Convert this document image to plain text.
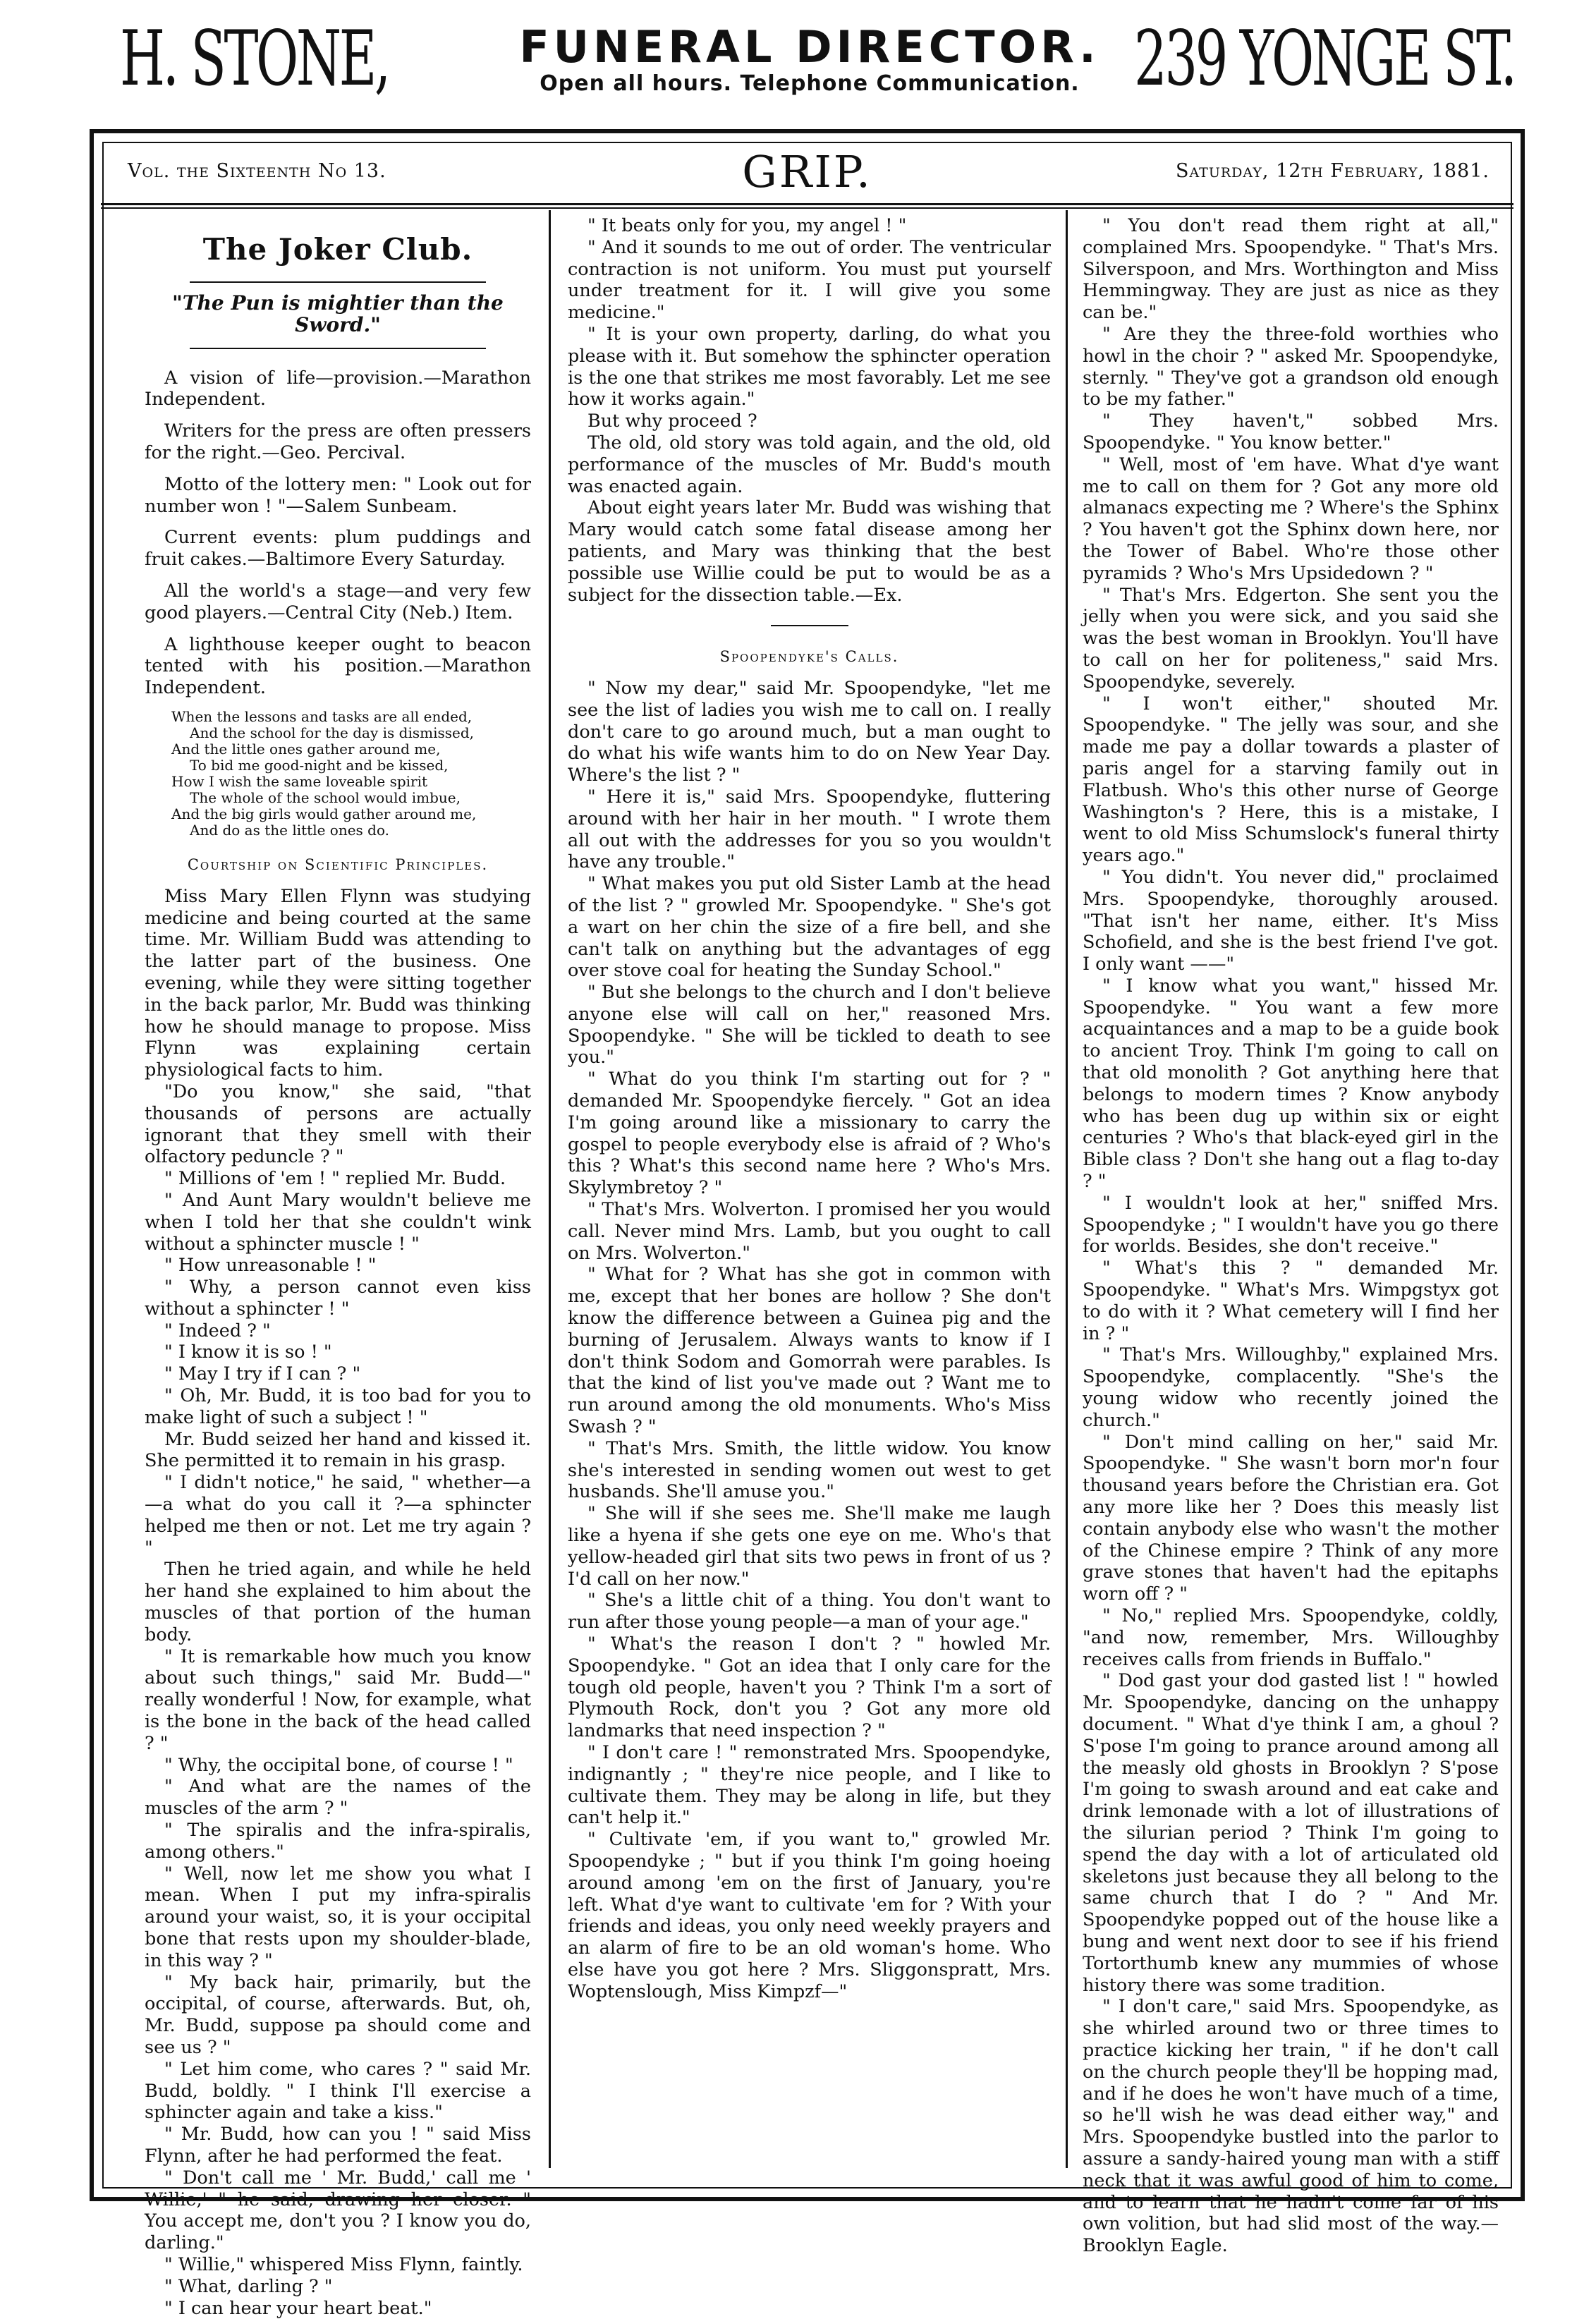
H. STONE,	FUNERAL DIRECTOR.
Open all hours. Telephone Communication. 239 YONGE ST.
Vol. the Sixteenth No 13.	GRIP.	Saturday, 12th February, 1881.
The Joker Club.
"The Pun is mightier than the Sword."

A vision of life—provision.—Marathon Independent.

Writers for the press are often pressers for the right.—Geo. Percival.

Motto of the lottery men: " Look out for number won ! "—Salem Sunbeam.

Current events: plum puddings and fruit cakes.—Baltimore Every Saturday.

All the world's a stage—and very few good players.—Central City (Neb.) Item.

A lighthouse keeper ought to beacon tented with his position.—Marathon Independent.

When the lessons and tasks are all ended,
And the school for the day is dismissed,
And the little ones gather around me,
To bid me good-night and be kissed,
How I wish the same loveable spirit
The whole of the school would imbue,
And the big girls would gather around me,
And do as the little ones do.
Courtship on Scientific Principles.

Miss Mary Ellen Flynn was studying medicine and being courted at the same time. Mr. William Budd was attending to the latter part of the business. One evening, while they were sitting together in the back parlor, Mr. Budd was thinking how he should manage to propose. Miss Flynn was explaining certain physiological facts to him.

"Do you know," she said, "that thousands of persons are actually ignorant that they smell with their olfactory peduncle ? "

" Millions of 'em ! " replied Mr. Budd.

" And Aunt Mary wouldn't believe me when I told her that she couldn't wink without a sphincter muscle ! "

" How unreasonable ! "

" Why, a person cannot even kiss without a sphincter ! "

" Indeed ? "

" I know it is so ! "

" May I try if I can ? "

" Oh, Mr. Budd, it is too bad for you to make light of such a subject ! "

Mr. Budd seized her hand and kissed it. She permitted it to remain in his grasp.

" I didn't notice," he said, " whether—a—a what do you call it ?—a sphincter helped me then or not. Let me try again ? "

Then he tried again, and while he held her hand she explained to him about the muscles of that portion of the human body.

" It is remarkable how much you know about such things," said Mr. Budd—" really wonderful ! Now, for example, what is the bone in the back of the head called ? "

" Why, the occipital bone, of course ! "

" And what are the names of the muscles of the arm ? "

" The spiralis and the infra-spiralis, among others."

" Well, now let me show you what I mean. When I put my infra-spiralis around your waist, so, it is your occipital bone that rests upon my shoulder-blade, in this way ? "

" My back hair, primarily, but the occipital, of course, afterwards. But, oh, Mr. Budd, suppose pa should come and see us ? "

" Let him come, who cares ? " said Mr. Budd, boldly. " I think I'll exercise a sphincter again and take a kiss."

" Mr. Budd, how can you ! " said Miss Flynn, after he had performed the feat.

" Don't call me ' Mr. Budd,' call me ' Willie,' " he said, drawing her closer. " You accept me, don't you ? I know you do, darling."

" Willie," whispered Miss Flynn, faintly.

" What, darling ? "

" I can hear your heart beat."

" It beats only for you, my angel ! "

" And it sounds to me out of order. The ventricular contraction is not uniform. You must put yourself under treatment for it. I will give you some medicine."

" It is your own property, darling, do what you please with it. But somehow the sphincter operation is the one that strikes me most favorably. Let me see how it works again."

But why proceed ?

The old, old story was told again, and the old, old performance of the muscles of Mr. Budd's mouth was enacted again.

About eight years later Mr. Budd was wishing that Mary would catch some fatal disease among her patients, and Mary was thinking that the best possible use Willie could be put to would be as a subject for the dissection table.—Ex.

Spoopendyke's Calls.

" Now my dear," said Mr. Spoopendyke, "let me see the list of ladies you wish me to call on. I really don't care to go around much, but a man ought to do what his wife wants him to do on New Year Day. Where's the list ? "

" Here it is," said Mrs. Spoopendyke, fluttering around with her hair in her mouth. " I wrote them all out with the addresses for you so you wouldn't have any trouble."

" What makes you put old Sister Lamb at the head of the list ? " growled Mr. Spoopendyke. " She's got a wart on her chin the size of a fire bell, and she can't talk on anything but the advantages of egg over stove coal for heating the Sunday School."

" But she belongs to the church and I don't believe anyone else will call on her," reasoned Mrs. Spoopendyke. " She will be tickled to death to see you."

" What do you think I'm starting out for ? " demanded Mr. Spoopendyke fiercely. " Got an idea I'm going around like a missionary to carry the gospel to people everybody else is afraid of ? Who's this ? What's this second name here ? Who's Mrs. Skylymbretoy ? "

" That's Mrs. Wolverton. I promised her you would call. Never mind Mrs. Lamb, but you ought to call on Mrs. Wolverton."

" What for ? What has she got in common with me, except that her bones are hollow ? She don't know the difference between a Guinea pig and the burning of Jerusalem. Always wants to know if I don't think Sodom and Gomorrah were parables. Is that the kind of list you've made out ? Want me to run around among the old monuments. Who's Miss Swash ? "

" That's Mrs. Smith, the little widow. You know she's interested in sending women out west to get husbands. She'll amuse you."

" She will if she sees me. She'll make me laugh like a hyena if she gets one eye on me. Who's that yellow-headed girl that sits two pews in front of us ? I'd call on her now."

" She's a little chit of a thing. You don't want to run after those young people—a man of your age."

" What's the reason I don't ? " howled Mr. Spoopendyke. " Got an idea that I only care for the tough old people, haven't you ? Think I'm a sort of Plymouth Rock, don't you ? Got any more old landmarks that need inspection ? "

" I don't care ! " remonstrated Mrs. Spoopendyke, indignantly ; " they're nice people, and I like to cultivate them. They may be along in life, but they can't help it."

" Cultivate 'em, if you want to," growled Mr. Spoopendyke ; " but if you think I'm going hoeing around among 'em on the first of January, you're left. What d'ye want to cultivate 'em for ? With your friends and ideas, you only need weekly prayers and an alarm of fire to be an old woman's home. Who else have you got here ? Mrs. Sliggonspratt, Mrs. Woptenslough, Miss Kimpzf—"

" You don't read them right at all," complained Mrs. Spoopendyke. " That's Mrs. Silverspoon, and Mrs. Worthington and Miss Hemmingway. They are just as nice as they can be."

" Are they the three-fold worthies who howl in the choir ? " asked Mr. Spoopendyke, sternly. " They've got a grandson old enough to be my father."

" They haven't," sobbed Mrs. Spoopendyke. " You know better."

" Well, most of 'em have. What d'ye want me to call on them for ? Got any more old almanacs expecting me ? Where's the Sphinx ? You haven't got the Sphinx down here, nor the Tower of Babel. Who're those other pyramids ? Who's Mrs Upsidedown ? "

" That's Mrs. Edgerton. She sent you the jelly when you were sick, and you said she was the best woman in Brooklyn. You'll have to call on her for politeness," said Mrs. Spoopendyke, severely.

" I won't either," shouted Mr. Spoopendyke. " The jelly was sour, and she made me pay a dollar towards a plaster of paris angel for a starving family out in Flatbush. Who's this other nurse of George Washington's ? Here, this is a mistake, I went to old Miss Schumslock's funeral thirty years ago."

" You didn't. You never did," proclaimed Mrs. Spoopendyke, thoroughly aroused. "That isn't her name, either. It's Miss Schofield, and she is the best friend I've got. I only want ——"

" I know what you want," hissed Mr. Spoopendyke. " You want a few more acquaintances and a map to be a guide book to ancient Troy. Think I'm going to call on that old monolith ? Got anything here that belongs to modern times ? Know anybody who has been dug up within six or eight centuries ? Who's that black-eyed girl in the Bible class ? Don't she hang out a flag to-day ? "

" I wouldn't look at her," sniffed Mrs. Spoopendyke ; " I wouldn't have you go there for worlds. Besides, she don't receive."

" What's this ? " demanded Mr. Spoopendyke. " What's Mrs. Wimpgstyx got to do with it ? What cemetery will I find her in ? "

" That's Mrs. Willoughby," explained Mrs. Spoopendyke, complacently. "She's the young widow who recently joined the church."

" Don't mind calling on her," said Mr. Spoopendyke. " She wasn't born mor'n four thousand years before the Christian era. Got any more like her ? Does this measly list contain anybody else who wasn't the mother of the Chinese empire ? Think of any more grave stones that haven't had the epitaphs worn off ? "

" No," replied Mrs. Spoopendyke, coldly, "and now, remember, Mrs. Willoughby receives calls from friends in Buffalo."

" Dod gast your dod gasted list ! " howled Mr. Spoopendyke, dancing on the unhappy document. " What d'ye think I am, a ghoul ? S'pose I'm going to prance around among all the measly old ghosts in Brooklyn ? S'pose I'm going to swash around and eat cake and drink lemonade with a lot of illustrations of the silurian period ? Think I'm going to spend the day with a lot of articulated old skeletons just because they all belong to the same church that I do ? " And Mr. Spoopendyke popped out of the house like a bung and went next door to see if his friend Tortorthumb knew any mummies of whose history there was some tradition.

" I don't care," said Mrs. Spoopendyke, as she whirled around two or three times to practice kicking her train, " if he don't call on the church people they'll be hopping mad, and if he does he won't have much of a time, so he'll wish he was dead either way," and Mrs. Spoopendyke bustled into the parlor to assure a sandy-haired young man with a stiff neck that it was awful good of him to come, and to learn that he hadn't come far of his own volition, but had slid most of the way.—Brooklyn Eagle.
